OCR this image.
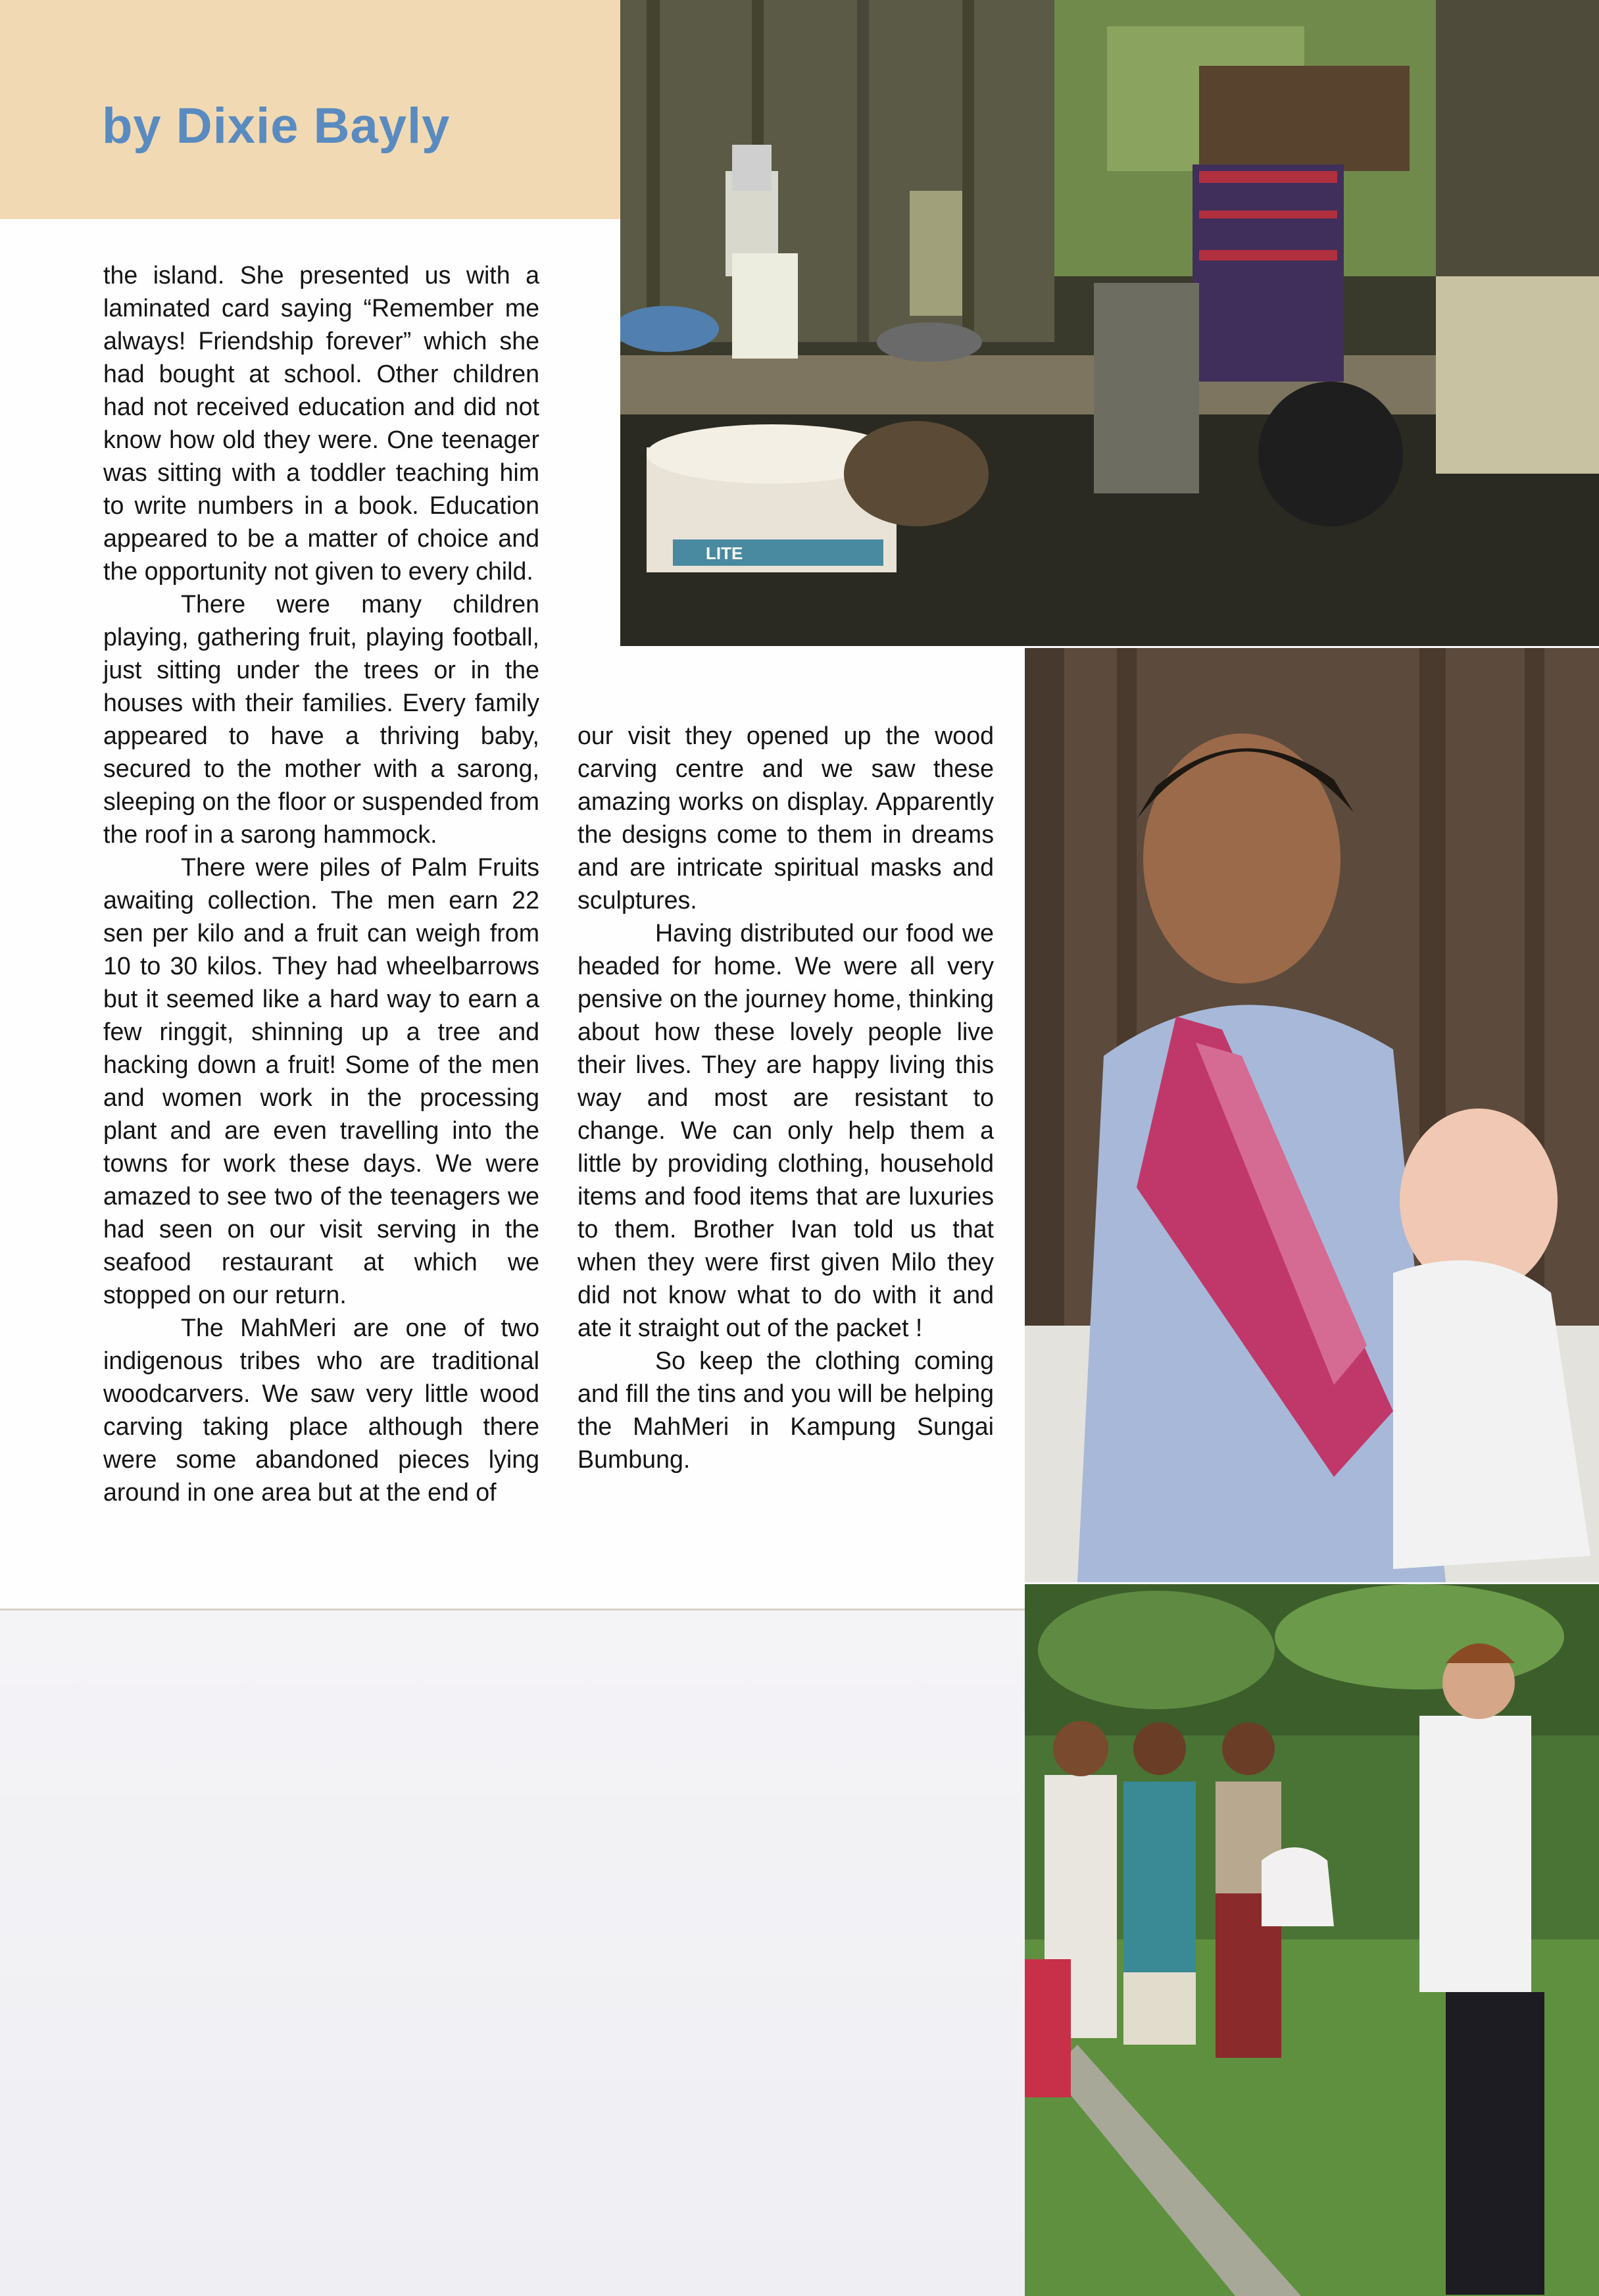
by Dixie Bayly

the island. She presented us with a laminated card saying “Remember me always! Friendship forever” which she had bought at school. Other children had not received education and did not know how old they were. One teenager was sitting with a toddler teaching him to write numbers in a book. Education appeared to be a matter of choice and the opportunity not given to every child.

There were many children playing, gathering fruit, playing football, just sitting under the trees or in the houses with their families. Every family appeared to have a thriving baby, secured to the mother with a sarong, sleeping on the floor or suspended from the roof in a sarong hammock.

There were piles of Palm Fruits awaiting collection. The men earn 22 sen per kilo and a fruit can weigh from 10 to 30 kilos. They had wheelbarrows but it seemed like a hard way to earn a few ringgit, shinning up a tree and hacking down a fruit! Some of the men and women work in the processing plant and are even travelling into the towns for work these days. We were amazed to see two of the teenagers we had seen on our visit serving in the seafood restaurant at which we stopped on our return.

The MahMeri are one of two indigenous tribes who are traditional woodcarvers. We saw very little wood carving taking place although there were some abandoned pieces lying around in one area but at the end of

our visit they opened up the wood carving centre and we saw these amazing works on display. Apparently the designs come to them in dreams and are intricate spiritual masks and sculptures.

Having distributed our food we headed for home. We were all very pensive on the journey home, thinking about how these lovely people live their lives. They are happy living this way and most are resistant to change. We can only help them a little by providing clothing, household items and food items that are luxuries to them. Brother Ivan told us that when they were first given Milo they did not know what to do with it and ate it straight out of the packet !

So keep the clothing coming and fill the tins and you will be helping the MahMeri in Kampung Sungai Bumbung.

LITE
